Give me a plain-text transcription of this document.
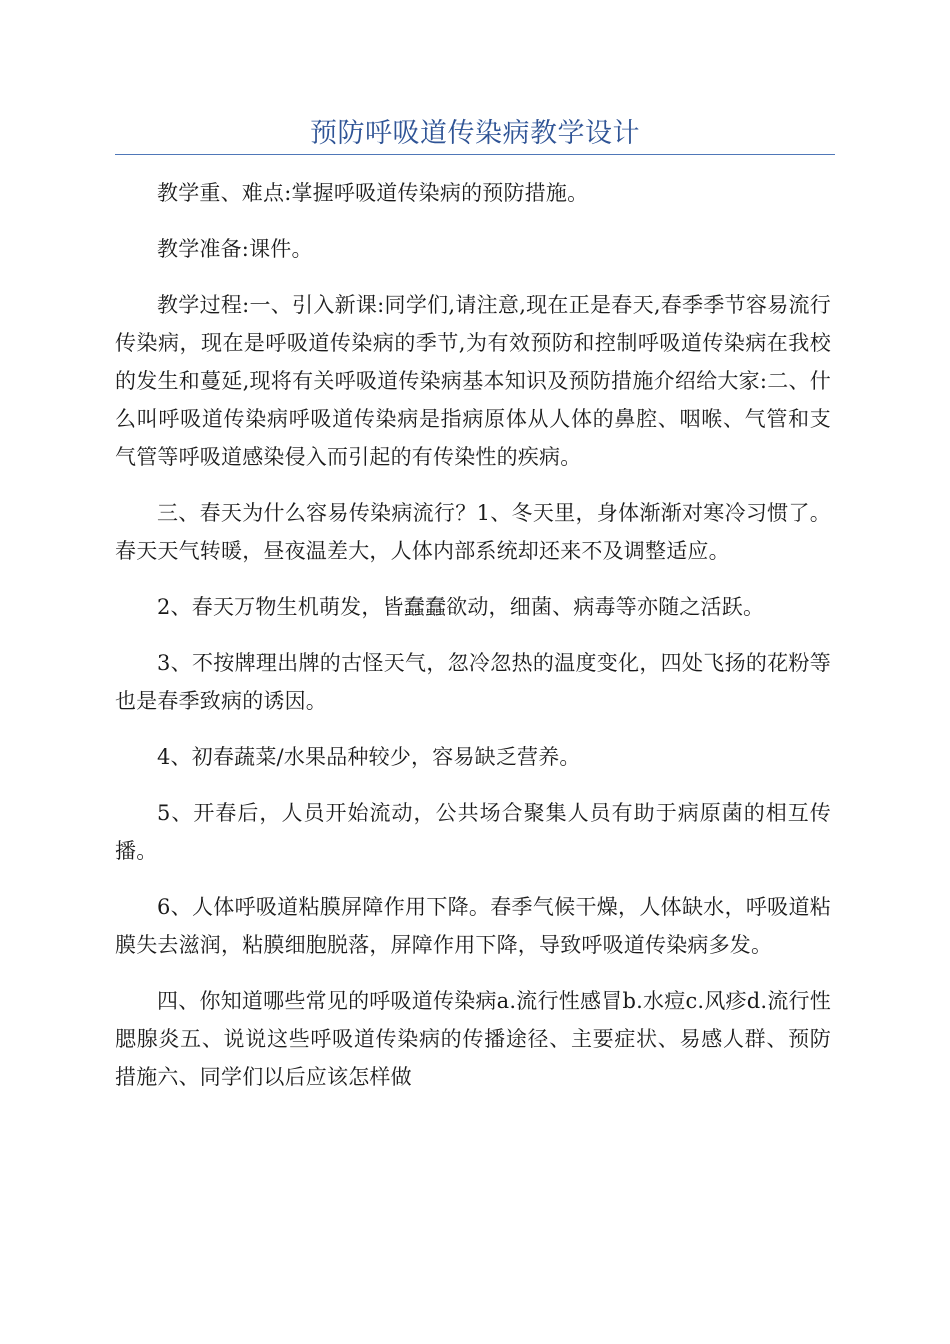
预防呼吸道传染病教学设计

教学重、难点:掌握呼吸道传染病的预防措施。

教学准备:课件。

教学过程:一、引入新课:同学们,请注意,现在正是春天,春季季节容易流行传染病，现在是呼吸道传染病的季节,为有效预防和控制呼吸道传染病在我校的发生和蔓延,现将有关呼吸道传染病基本知识及预防措施介绍给大家:二、什么叫呼吸道传染病呼吸道传染病是指病原体从人体的鼻腔、咽喉、气管和支气管等呼吸道感染侵入而引起的有传染性的疾病。

三、春天为什么容易传染病流行？1、冬天里，身体渐渐对寒冷习惯了。春天天气转暖，昼夜温差大，人体内部系统却还来不及调整适应。

2、春天万物生机萌发，皆蠢蠢欲动，细菌、病毒等亦随之活跃。

3、不按牌理出牌的古怪天气，忽冷忽热的温度变化，四处飞扬的花粉等也是春季致病的诱因。

4、初春蔬菜/水果品种较少，容易缺乏营养。

5、开春后，人员开始流动，公共场合聚集人员有助于病原菌的相互传播。

6、人体呼吸道粘膜屏障作用下降。春季气候干燥，人体缺水，呼吸道粘膜失去滋润，粘膜细胞脱落，屏障作用下降，导致呼吸道传染病多发。

四、你知道哪些常见的呼吸道传染病a.流行性感冒b.水痘c.风疹d.流行性腮腺炎五、说说这些呼吸道传染病的传播途径、主要症状、易感人群、预防措施六、同学们以后应该怎样做
